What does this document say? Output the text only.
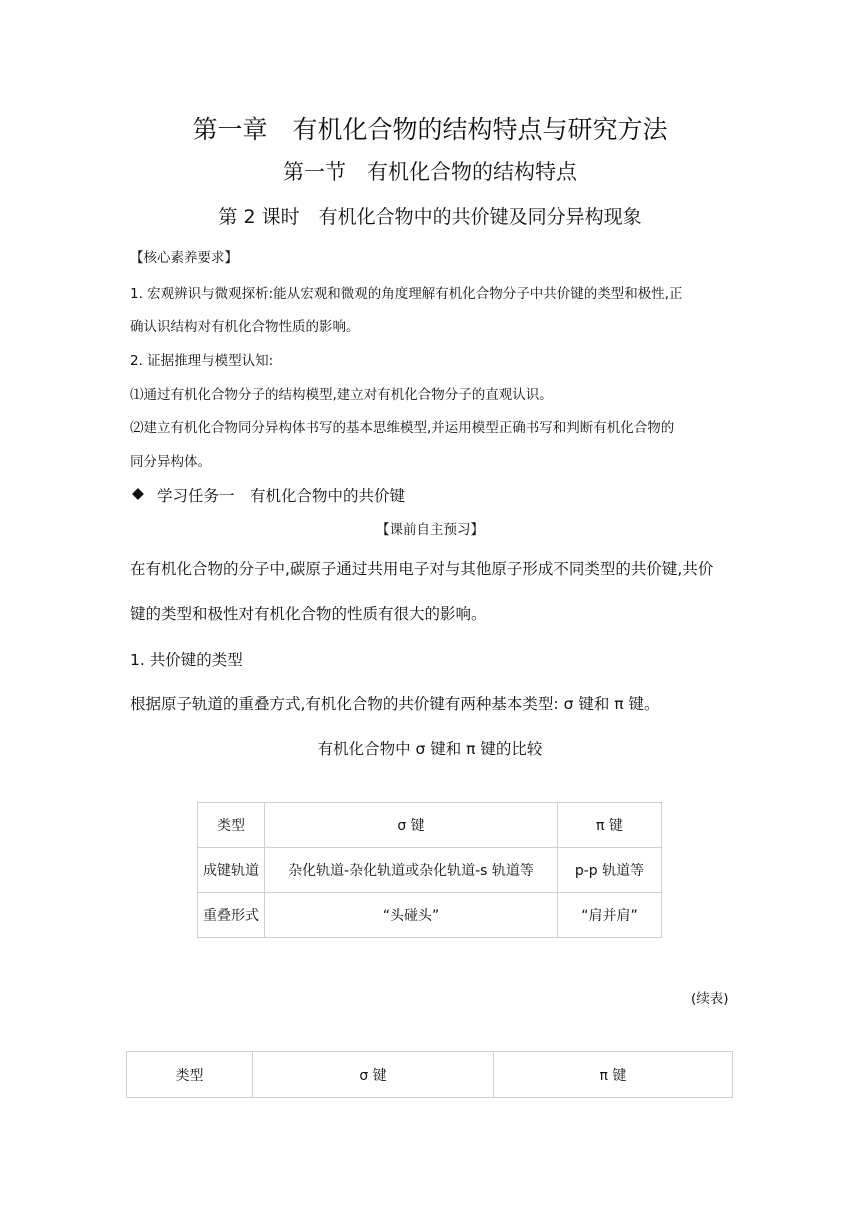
第一章　有机化合物的结构特点与研究方法
第一节　有机化合物的结构特点
第 2 课时　有机化合物中的共价键及同分异构现象
【核心素养要求】
1. 宏观辨识与微观探析:能从宏观和微观的角度理解有机化合物分子中共价键的类型和极性,正
确认识结构对有机化合物性质的影响。
2. 证据推理与模型认知:
⑴通过有机化合物分子的结构模型,建立对有机化合物分子的直观认识。
⑵建立有机化合物同分异构体书写的基本思维模型,并运用模型正确书写和判断有机化合物的
同分异构体。
◆ 学习任务一　有机化合物中的共价键
【课前自主预习】
在有机化合物的分子中,碳原子通过共用电子对与其他原子形成不同类型的共价键,共价
键的类型和极性对有机化合物的性质有很大的影响。
1. 共价键的类型
根据原子轨道的重叠方式,有机化合物的共价键有两种基本类型: σ 键和 π 键。
有机化合物中 σ 键和 π 键的比较
类型	σ 键	π 键
成键轨道	杂化轨道-杂化轨道或杂化轨道-s 轨道等	p-p 轨道等
重叠形式	“头碰头”	“肩并肩”
(续表)
类型	σ 键	π 键
